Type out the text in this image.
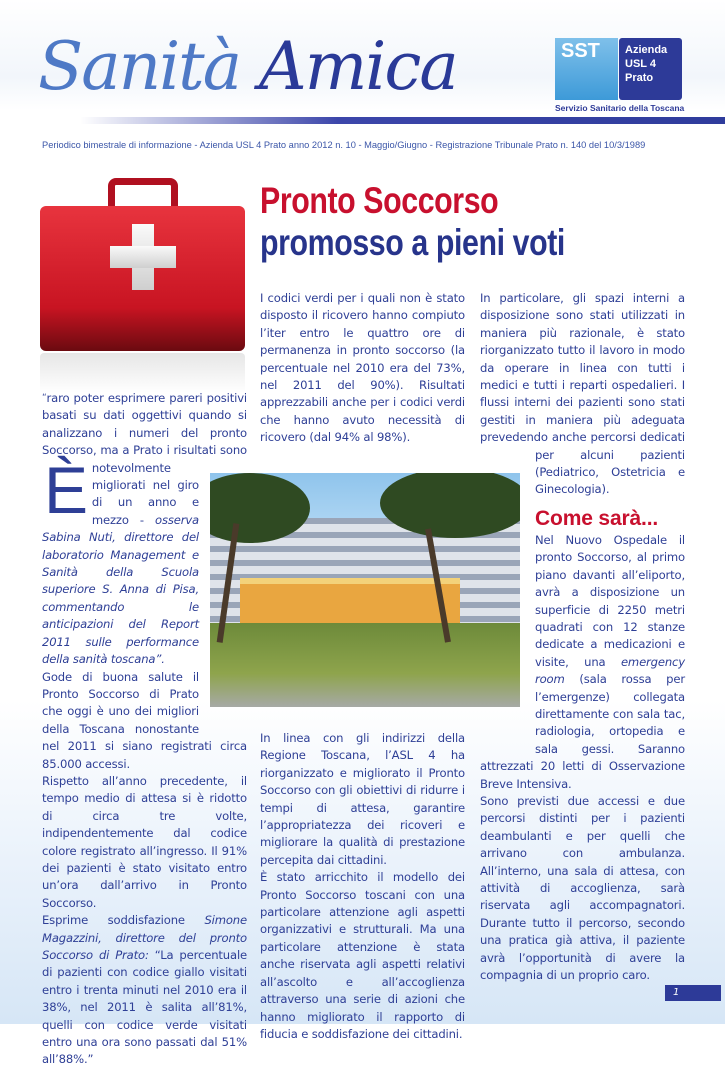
Sanità Amica	SST	Azienda USL 4 Prato
Servizio Sanitario della Toscana
Periodico bimestrale di informazione - Azienda USL 4 Prato anno 2012 n. 10 - Maggio/Giugno - Registrazione Tribunale Prato n. 140 del 10/3/1989
Pronto Soccorso
promosso a pieni voti

“
È
raro poter esprimere pareri positivi basati su dati oggettivi quando si analizzano i numeri del pronto Soccorso, ma a Prato i risultati sono notevolmente migliorati nel giro di un anno e mezzo - osserva Sabina Nuti, direttore del laboratorio Management e Sanità della Scuola superiore S. Anna di Pisa, commentando le anticipazioni del Report 2011 sulle performance della sanità toscana”.

Gode di buona salute il Pronto Soccorso di Prato che oggi è uno dei migliori della Toscana nonostante nel 2011 si siano registrati circa 85.000 accessi.

Rispetto all’anno precedente, il tempo medio di attesa si è ridotto di circa tre volte, indipendentemente dal codice colore registrato all’ingresso. Il 91% dei pazienti è stato visitato entro un’ora dall’arrivo in Pronto Soccorso.

Esprime soddisfazione Simone Magazzini, direttore del pronto Soccorso di Prato: “La percentuale di pazienti con codice giallo visitati entro i trenta minuti nel 2010 era il 38%, nel 2011 è salita all’81%, quelli con codice verde visitati entro una ora sono passati dal 51% all’88%.”

I codici verdi per i quali non è stato disposto il ricovero hanno compiuto l’iter entro le quattro ore di permanenza in pronto soccorso (la percentuale nel 2010 era del 73%, nel 2011 del 90%). Risultati apprezzabili anche per i codici verdi che hanno avuto necessità di ricovero (dal 94% al 98%).

In linea con gli indirizzi della Regione Toscana, l’ASL 4 ha riorganizzato e migliorato il Pronto Soccorso con gli obiettivi di ridurre i tempi di attesa, garantire l’appropriatezza dei ricoveri e migliorare la qualità di prestazione percepita dai cittadini.

È stato arricchito il modello dei Pronto Soccorso toscani con una particolare attenzione agli aspetti organizzativi e strutturali. Ma una particolare attenzione è stata anche riservata agli aspetti relativi all’ascolto e all’accoglienza attraverso una serie di azioni che hanno migliorato il rapporto di fiducia e soddisfazione dei cittadini.

In particolare, gli spazi interni a disposizione sono stati utilizzati in maniera più razionale, è stato riorganizzato tutto il lavoro in modo da operare in linea con tutti i medici e tutti i reparti ospedalieri. I flussi interni dei pazienti sono stati gestiti in maniera più adeguata prevedendo anche percorsi dedicati per alcuni pazienti (Pediatrico, Ostetricia e Ginecologia).

Come sarà...

Nel Nuovo Ospedale il pronto Soccorso, al primo piano davanti all’eliporto, avrà a disposizione un superficie di 2250 metri quadrati con 12 stanze dedicate a medicazioni e visite, una emergency room (sala rossa per l’emergenze) collegata direttamente con sala tac, radiologia, ortopedia e sala gessi. Saranno attrezzati 20 letti di Osservazione Breve Intensiva.

Sono previsti due accessi e due percorsi distinti per i pazienti deambulanti e per quelli che arrivano con ambulanza. All’interno, una sala di attesa, con attività di accoglienza, sarà riservata agli accompagnatori. Durante tutto il percorso, secondo una pratica già attiva, il paziente avrà l’opportunità di avere la compagnia di un proprio caro.

1
